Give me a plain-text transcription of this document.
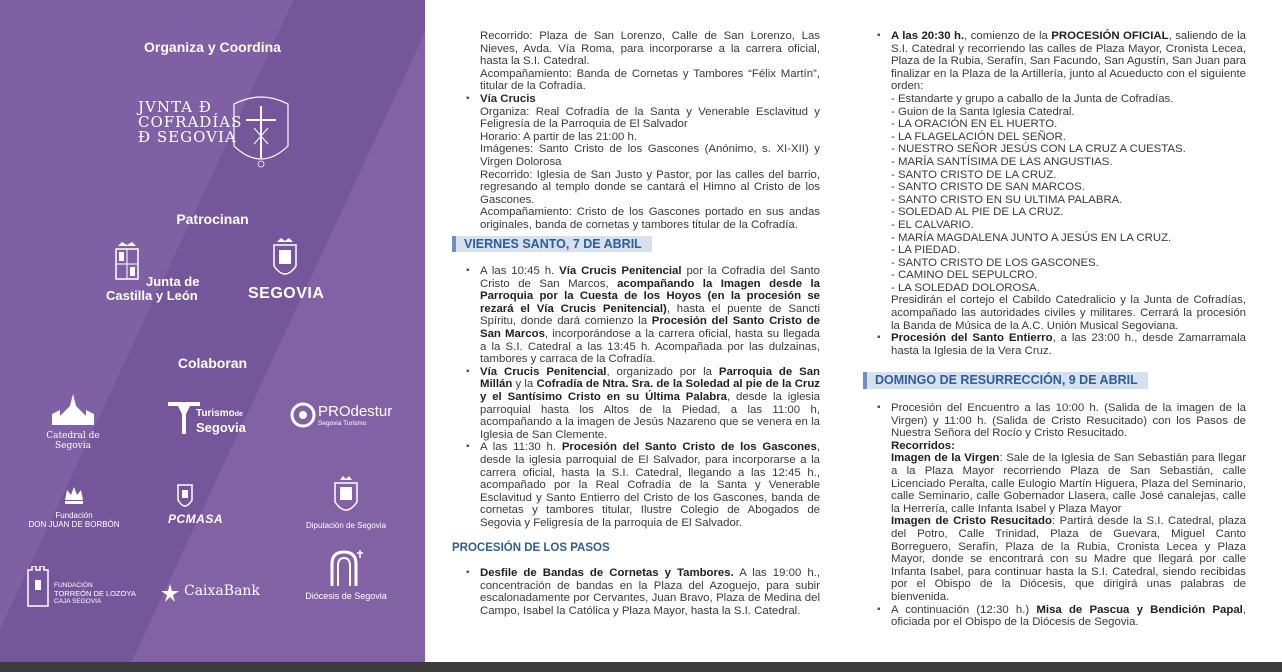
Organiza y Coordina
JVNTA Ð
COFRADÍAS
Ð SEGOVIA
Patrocinan
Junta de
Castilla y León	SEGOVIA
Colaboran
Catedral de Segovia
Turismode
Segovia
PROdestur
Segovia Turismo
Fundación
DON JUAN DE BORBÓN	PCMASA	Diputación de Segovia
FUNDACIÓN
TORREÓN DE LOZOYA
CAJA SEGOVIA
CaixaBank	Diócesis de Segovia

Recorrido: Plaza de San Lorenzo, Calle de San Lorenzo, Las Nieves, Avda. Vía Roma, para incorporarse a la carrera oficial, hasta la S.I. Catedral.

Acompañamiento: Banda de Cornetas y Tambores “Félix Martín”, titular de la Cofradía.

▪ Vía Crucis

Organiza: Real Cofradía de la Santa y Venerable Esclavitud y Feligresía de la Parroquia de El Salvador

Horario: A partir de las 21:00 h.

Imágenes: Santo Cristo de los Gascones (Anónimo, s. XI-XII) y Virgen Dolorosa

Recorrido: Iglesia de San Justo y Pastor, por las calles del barrio, regresando al templo donde se cantará el Himno al Cristo de los Gascones.

Acompañamiento: Cristo de los Gascones portado en sus andas originales, banda de cornetas y tambores titular de la Cofradía.

VIERNES SANTO, 7 DE ABRIL
▪ A las 10:45 h. Vía Crucis Penitencial por la Cofradía del Santo Cristo de San Marcos, acompañando la Imagen desde la Parroquia por la Cuesta de los Hoyos (en la procesión se rezará el Vía Crucis Penitencial), hasta el puente de Sancti Spíritu, donde dará comienzo la Procesión del Santo Cristo de San Marcos, incorporándose a la carrera oficial, hasta su llegada a la S.I. Catedral a las 13:45 h. Acompañada por las dulzainas, tambores y carraca de la Cofradía.
▪ Vía Crucis Penitencial, organizado por la Parroquia de San Millán y la Cofradía de Ntra. Sra. de la Soledad al pie de la Cruz y el Santísimo Cristo en su Última Palabra, desde la iglesia parroquial hasta los Altos de la Piedad, a las 11:00 h, acompañando a la imagen de Jesús Nazareno que se venera en la Iglesia de San Clemente.
▪ A las 11:30 h. Procesión del Santo Cristo de los Gascones, desde la iglesia parroquial de El Salvador, para incorporarse a la carrera oficial, hasta la S.I. Catedral, llegando a las 12:45 h., acompañado por la Real Cofradía de la Santa y Venerable Esclavitud y Santo Entierro del Cristo de los Gascones, banda de cornetas y tambores titular, Ilustre Colegio de Abogados de Segovia y Feligresía de la parroquia de El Salvador.
PROCESIÓN DE LOS PASOS
▪ Desfile de Bandas de Cornetas y Tambores. A las 19:00 h., concentración de bandas en la Plaza del Azoguejo, para subir escalonadamente por Cervantes, Juan Bravo, Plaza de Medina del Campo, Isabel la Católica y Plaza Mayor, hasta la S.I. Catedral.
▪ A las 20:30 h., comienzo de la PROCESIÓN OFICIAL, saliendo de la S.I. Catedral y recorriendo las calles de Plaza Mayor, Cronista Lecea, Plaza de la Rubia, Serafín, San Facundo, San Agustín, San Juan para finalizar en la Plaza de la Artillería, junto al Acueducto con el siguiente orden:
- Estandarte y grupo a caballo de la Junta de Cofradías.
- Guion de la Santa Iglesia Catedral.
- LA ORACIÓN EN EL HUERTO.
- LA FLAGELACIÓN DEL SEÑOR.
- NUESTRO SEÑOR JESÚS CON LA CRUZ A CUESTAS.
- MARÍA SANTÍSIMA DE LAS ANGUSTIAS.
- SANTO CRISTO DE LA CRUZ.
- SANTO CRISTO DE SAN MARCOS.
- SANTO CRISTO EN SU ULTIMA PALABRA.
- SOLEDAD AL PIE DE LA CRUZ.
- EL CALVARIO.
- MARÍA MAGDALENA JUNTO A JESÚS EN LA CRUZ.
- LA PIEDAD.
- SANTO CRISTO DE LOS GASCONES.
- CAMINO DEL SEPULCRO.
- LA SOLEDAD DOLOROSA.

Presidirán el cortejo el Cabildo Catedralicio y la Junta de Cofradías, acompañado las autoridades civiles y militares. Cerrará la procesión la Banda de Música de la A.C. Unión Musical Segoviana.

▪ Procesión del Santo Entierro, a las 23:00 h., desde Zamarramala hasta la Iglesia de la Vera Cruz.
DOMINGO DE RESURRECCIÓN, 9 DE ABRIL

▪ Procesión del Encuentro a las 10:00 h. (Salida de la imagen de la Virgen) y 11:00 h. (Salida de Cristo Resucitado) con los Pasos de Nuestra Señora del Rocío y Cristo Resucitado.

Recorridos:

Imagen de la Virgen: Sale de la Iglesia de San Sebastián para llegar a la Plaza Mayor recorriendo Plaza de San Sebastián, calle Licenciado Peralta, calle Eulogio Martín Higuera, Plaza del Seminario, calle Seminario, calle Gobernador Llasera, calle José canalejas, calle la Herrería, calle Infanta Isabel y Plaza Mayor

Imagen de Cristo Resucitado: Partirá desde la S.I. Catedral, plaza del Potro, Calle Trinidad, Plaza de Guevara, Miguel Canto Borreguero, Serafín, Plaza de la Rubia, Cronista Lecea y Plaza Mayor, donde se encontrará con su Madre que llegará por calle Infanta Isabel, para continuar hasta la S.I. Catedral, siendo recibidas por el Obispo de la Diócesis, que dirigirá unas palabras de bienvenida.

▪ A continuación (12:30 h.) Misa de Pascua y Bendición Papal, oficiada por el Obispo de la Diócesis de Segovia.
